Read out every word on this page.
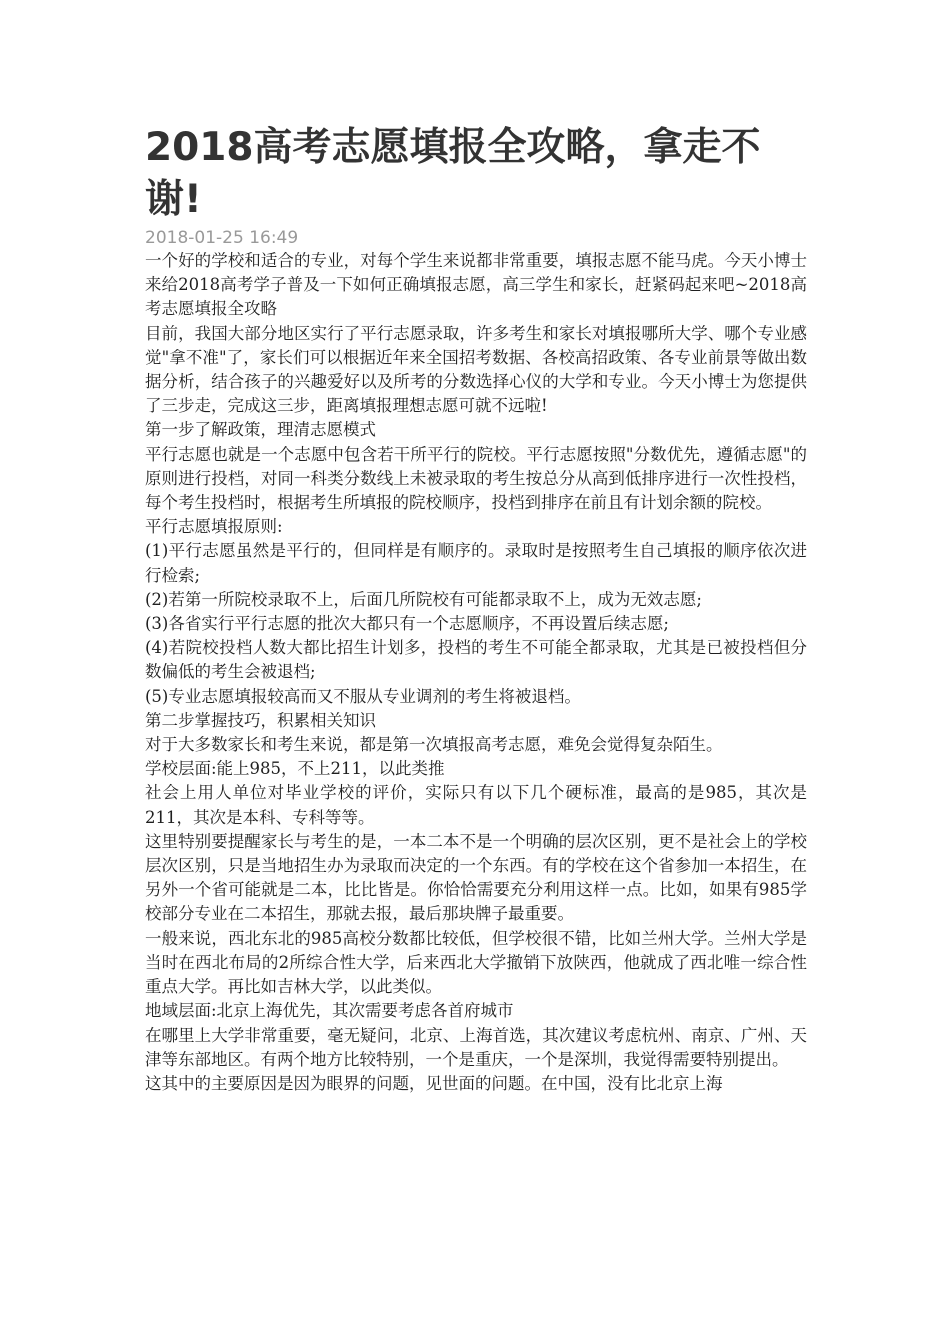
2018高考志愿填报全攻略，拿走不谢!
2018-01-25 16:49

一个好的学校和适合的专业，对每个学生来说都非常重要，填报志愿不能马虎。今天小博士来给2018高考学子普及一下如何正确填报志愿，高三学生和家长，赶紧码起来吧~2018高考志愿填报全攻略

目前，我国大部分地区实行了平行志愿录取，许多考生和家长对填报哪所大学、哪个专业感觉"拿不准"了，家长们可以根据近年来全国招考数据、各校高招政策、各专业前景等做出数据分析，结合孩子的兴趣爱好以及所考的分数选择心仪的大学和专业。今天小博士为您提供了三步走，完成这三步，距离填报理想志愿可就不远啦!

第一步了解政策，理清志愿模式

平行志愿也就是一个志愿中包含若干所平行的院校。平行志愿按照"分数优先，遵循志愿"的原则进行投档，对同一科类分数线上未被录取的考生按总分从高到低排序进行一次性投档，每个考生投档时，根据考生所填报的院校顺序，投档到排序在前且有计划余额的院校。

平行志愿填报原则:

(1)平行志愿虽然是平行的，但同样是有顺序的。录取时是按照考生自己填报的顺序依次进行检索;

(2)若第一所院校录取不上，后面几所院校有可能都录取不上，成为无效志愿;

(3)各省实行平行志愿的批次大都只有一个志愿顺序，不再设置后续志愿;

(4)若院校投档人数大都比招生计划多，投档的考生不可能全都录取，尤其是已被投档但分数偏低的考生会被退档;

(5)专业志愿填报较高而又不服从专业调剂的考生将被退档。

第二步掌握技巧，积累相关知识

对于大多数家长和考生来说，都是第一次填报高考志愿，难免会觉得复杂陌生。

学校层面:能上985，不上211，以此类推

社会上用人单位对毕业学校的评价，实际只有以下几个硬标准，最高的是985，其次是211，其次是本科、专科等等。

这里特别要提醒家长与考生的是，一本二本不是一个明确的层次区别，更不是社会上的学校层次区别，只是当地招生办为录取而决定的一个东西。有的学校在这个省参加一本招生，在另外一个省可能就是二本，比比皆是。你恰恰需要充分利用这样一点。比如，如果有985学校部分专业在二本招生，那就去报，最后那块牌子最重要。

一般来说，西北东北的985高校分数都比较低，但学校很不错，比如兰州大学。兰州大学是当时在西北布局的2所综合性大学，后来西北大学撤销下放陕西，他就成了西北唯一综合性重点大学。再比如吉林大学，以此类似。

地域层面:北京上海优先，其次需要考虑各首府城市

在哪里上大学非常重要，毫无疑问，北京、上海首选，其次建议考虑杭州、南京、广州、天津等东部地区。有两个地方比较特别，一个是重庆，一个是深圳，我觉得需要特别提出。

这其中的主要原因是因为眼界的问题，见世面的问题。在中国，没有比北京上海
